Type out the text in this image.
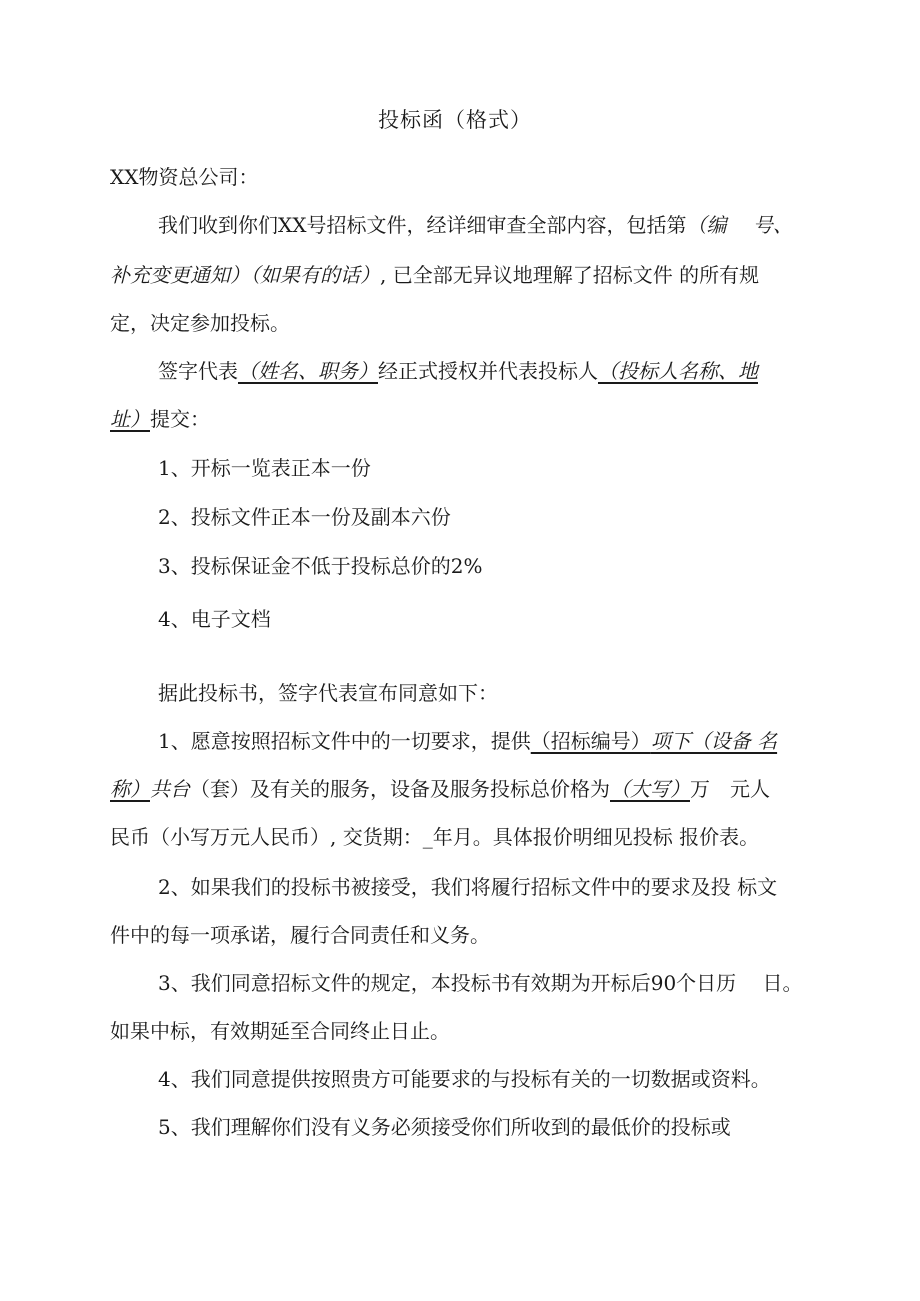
投标函（格式）
XX物资总公司：
我们收到你们XX号招标文件，经详细审查全部内容，包括第（编　 号、
补充变更通知）（如果有的话）, 已全部无异议地理解了招标文件 的所有规
定，决定参加投标。
签字代表（姓名、职务）经正式授权并代表投标人（投标人名称、地
址）提交：
1、开标一览表正本一份
2、投标文件正本一份及副本六份
3、投标保证金不低于投标总价的2%
4、电子文档
据此投标书，签字代表宣布同意如下：
1、愿意按照招标文件中的一切要求，提供（招标编号）项下（设备 名
称）共台（套）及有关的服务，设备及服务投标总价格为（大写）万　元人
民币（小写万元人民币）, 交货期：_年月。具体报价明细见投标 报价表。
2、如果我们的投标书被接受，我们将履行招标文件中的要求及投 标文
件中的每一项承诺，履行合同责任和义务。
3、我们同意招标文件的规定，本投标书有效期为开标后90个日历　 日。
如果中标，有效期延至合同终止日止。
4、我们同意提供按照贵方可能要求的与投标有关的一切数据或资料。
5、我们理解你们没有义务必须接受你们所收到的最低价的投标或
